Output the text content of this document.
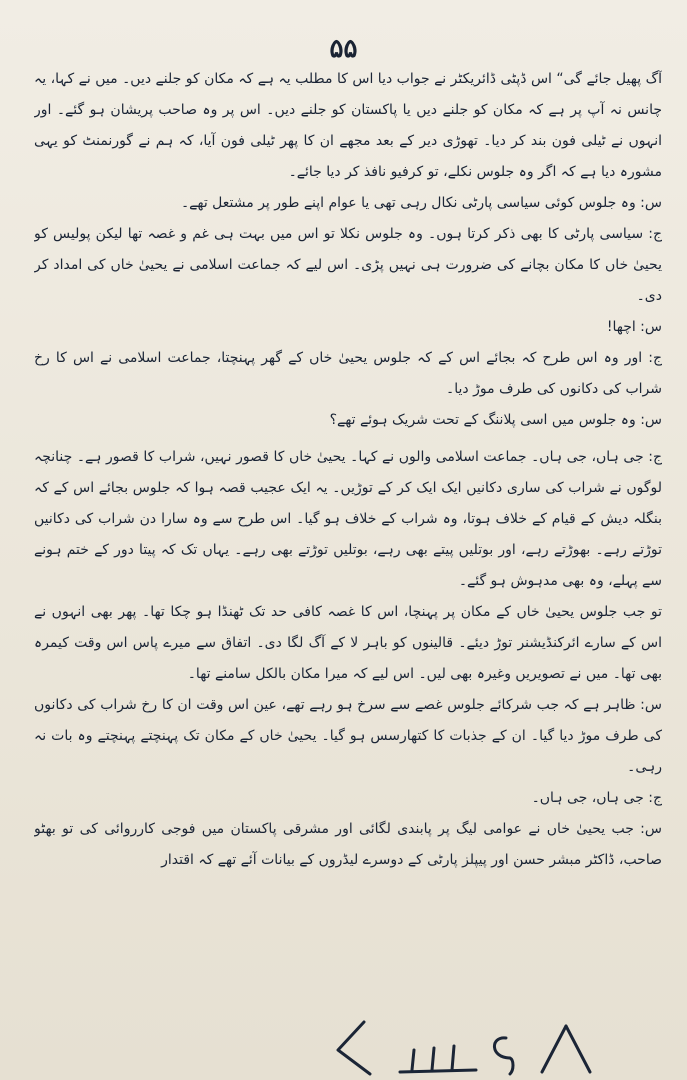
۵۵

آگ پھیل جائے گی“ اس ڈپٹی ڈائریکٹر نے جواب دیا اس کا مطلب یہ ہے کہ مکان کو جلنے دیں۔ میں نے کہا، یہ چانس نہ آپ پر ہے کہ مکان کو جلنے دیں یا پاکستان کو جلنے دیں۔ اس پر وہ صاحب پریشان ہو گئے۔ اور انہوں نے ٹیلی فون بند کر دیا۔ تھوڑی دیر کے بعد مجھے ان کا پھر ٹیلی فون آیا، کہ ہم نے گورنمنٹ کو یہی مشورہ دیا ہے کہ اگر وہ جلوس نکلے، تو کرفیو نافذ کر دیا جائے۔

س: وہ جلوس کوئی سیاسی پارٹی نکال رہی تھی یا عوام اپنے طور پر مشتعل تھے۔

ج: سیاسی پارٹی کا بھی ذکر کرتا ہوں۔ وہ جلوس نکلا تو اس میں بہت ہی غم و غصہ تھا لیکن پولیس کو یحییٰ خاں کا مکان بچانے کی ضرورت ہی نہیں پڑی۔ اس لیے کہ جماعت اسلامی نے یحییٰ خاں کی امداد کر دی۔

س: اچھا!

ج: اور وہ اس طرح کہ بجائے اس کے کہ جلوس یحییٰ خاں کے گھر پہنچتا، جماعت اسلامی نے اس کا رخ شراب کی دکانوں کی طرف موڑ دیا۔

س: وہ جلوس میں اسی پلاننگ کے تحت شریک ہوئے تھے؟

ج: جی ہاں، جی ہاں۔ جماعت اسلامی والوں نے کہا۔ یحییٰ خاں کا قصور نہیں، شراب کا قصور ہے۔ چنانچہ لوگوں نے شراب کی ساری دکانیں ایک ایک کر کے توڑیں۔ یہ ایک عجیب قصہ ہوا کہ جلوس بجائے اس کے کہ بنگلہ دیش کے قیام کے خلاف ہوتا، وہ شراب کے خلاف ہو گیا۔ اس طرح سے وہ سارا دن شراب کی دکانیں توڑتے رہے۔ بھوڑتے رہے، اور بوتلیں پیتے بھی رہے، بوتلیں توڑتے بھی رہے۔ یہاں تک کہ پیتا دور کے ختم ہونے سے پہلے، وہ بھی مدہوش ہو گئے۔

تو جب جلوس یحییٰ خاں کے مکان پر پہنچا، اس کا غصہ کافی حد تک ٹھنڈا ہو چکا تھا۔ پھر بھی انہوں نے اس کے سارے ائرکنڈیشنر توڑ دیئے۔ قالینوں کو باہر لا کے آگ لگا دی۔ اتفاق سے میرے پاس اس وقت کیمرہ بھی تھا۔ میں نے تصویریں وغیرہ بھی لیں۔ اس لیے کہ میرا مکان بالکل سامنے تھا۔

س: ظاہر ہے کہ جب شرکائے جلوس غصے سے سرخ ہو رہے تھے، عین اس وقت ان کا رخ شراب کی دکانوں کی طرف موڑ دیا گیا۔ ان کے جذبات کا کتھارسس ہو گیا۔ یحییٰ خاں کے مکان تک پہنچتے پہنچتے وہ بات نہ رہی۔

ج: جی ہاں، جی ہاں۔

س: جب یحییٰ خاں نے عوامی لیگ پر پابندی لگائی اور مشرقی پاکستان میں فوجی کارروائی کی تو بھٹو صاحب، ڈاکٹر مبشر حسن اور پیپلز پارٹی کے دوسرے لیڈروں کے بیانات آئے تھے کہ اقتدار
